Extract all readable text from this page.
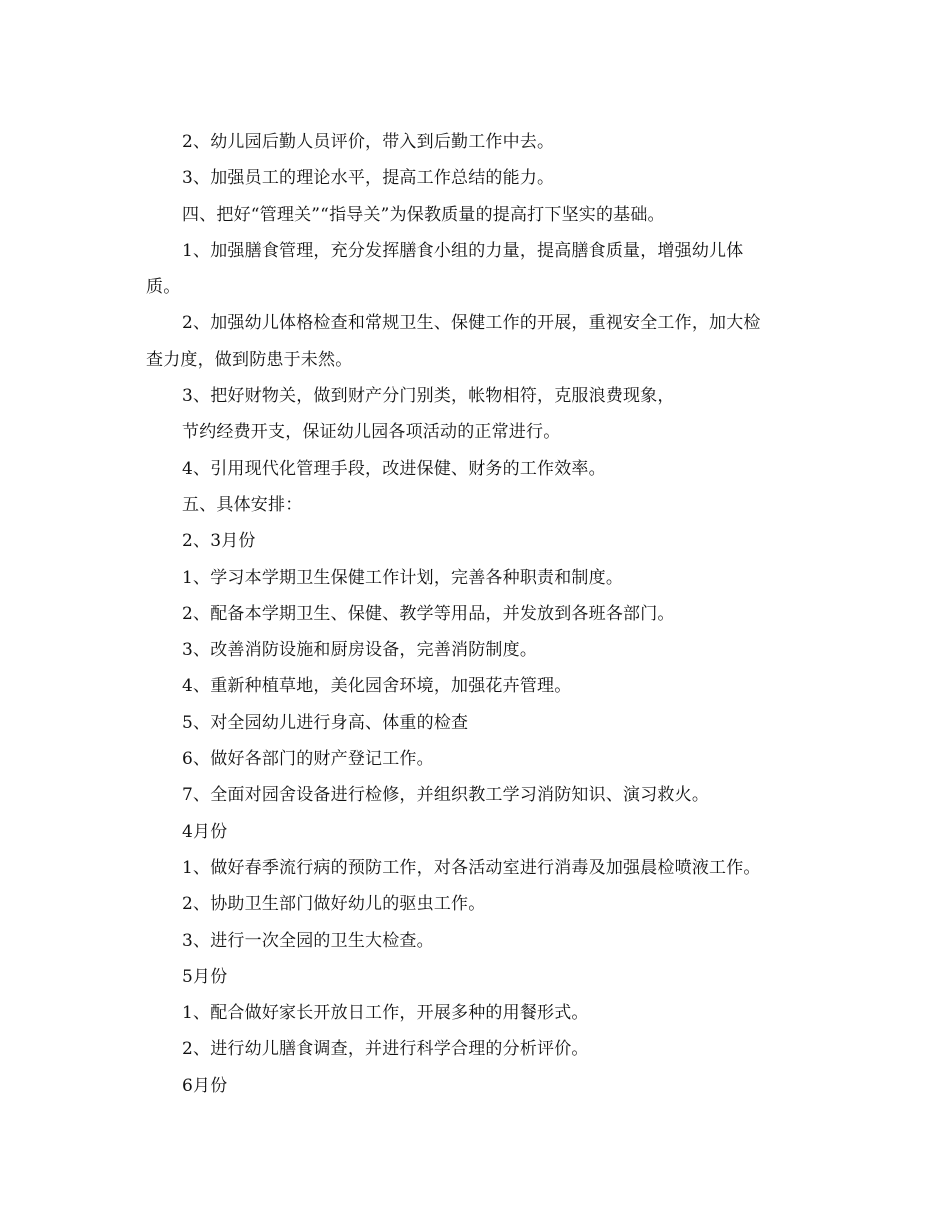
2、幼儿园后勤人员评价，带入到后勤工作中去。
3、加强员工的理论水平，提高工作总结的能力。
四、把好“管理关”“指导关”为保教质量的提高打下坚实的基础。
1、加强膳食管理，充分发挥膳食小组的力量，提高膳食质量，增强幼儿体
质。
2、加强幼儿体格检查和常规卫生、保健工作的开展，重视安全工作，加大检
查力度，做到防患于未然。
3、把好财物关，做到财产分门别类，帐物相符，克服浪费现象，
节约经费开支，保证幼儿园各项活动的正常进行。
4、引用现代化管理手段，改进保健、财务的工作效率。
五、具体安排：
2、3月份
1、学习本学期卫生保健工作计划，完善各种职责和制度。
2、配备本学期卫生、保健、教学等用品，并发放到各班各部门。
3、改善消防设施和厨房设备，完善消防制度。
4、重新种植草地，美化园舍环境，加强花卉管理。
5、对全园幼儿进行身高、体重的检查
6、做好各部门的财产登记工作。
7、全面对园舍设备进行检修，并组织教工学习消防知识、演习救火。
4月份
1、做好春季流行病的预防工作，对各活动室进行消毒及加强晨检喷液工作。
2、协助卫生部门做好幼儿的驱虫工作。
3、进行一次全园的卫生大检查。
5月份
1、配合做好家长开放日工作，开展多种的用餐形式。
2、进行幼儿膳食调查，并进行科学合理的分析评价。
6月份
